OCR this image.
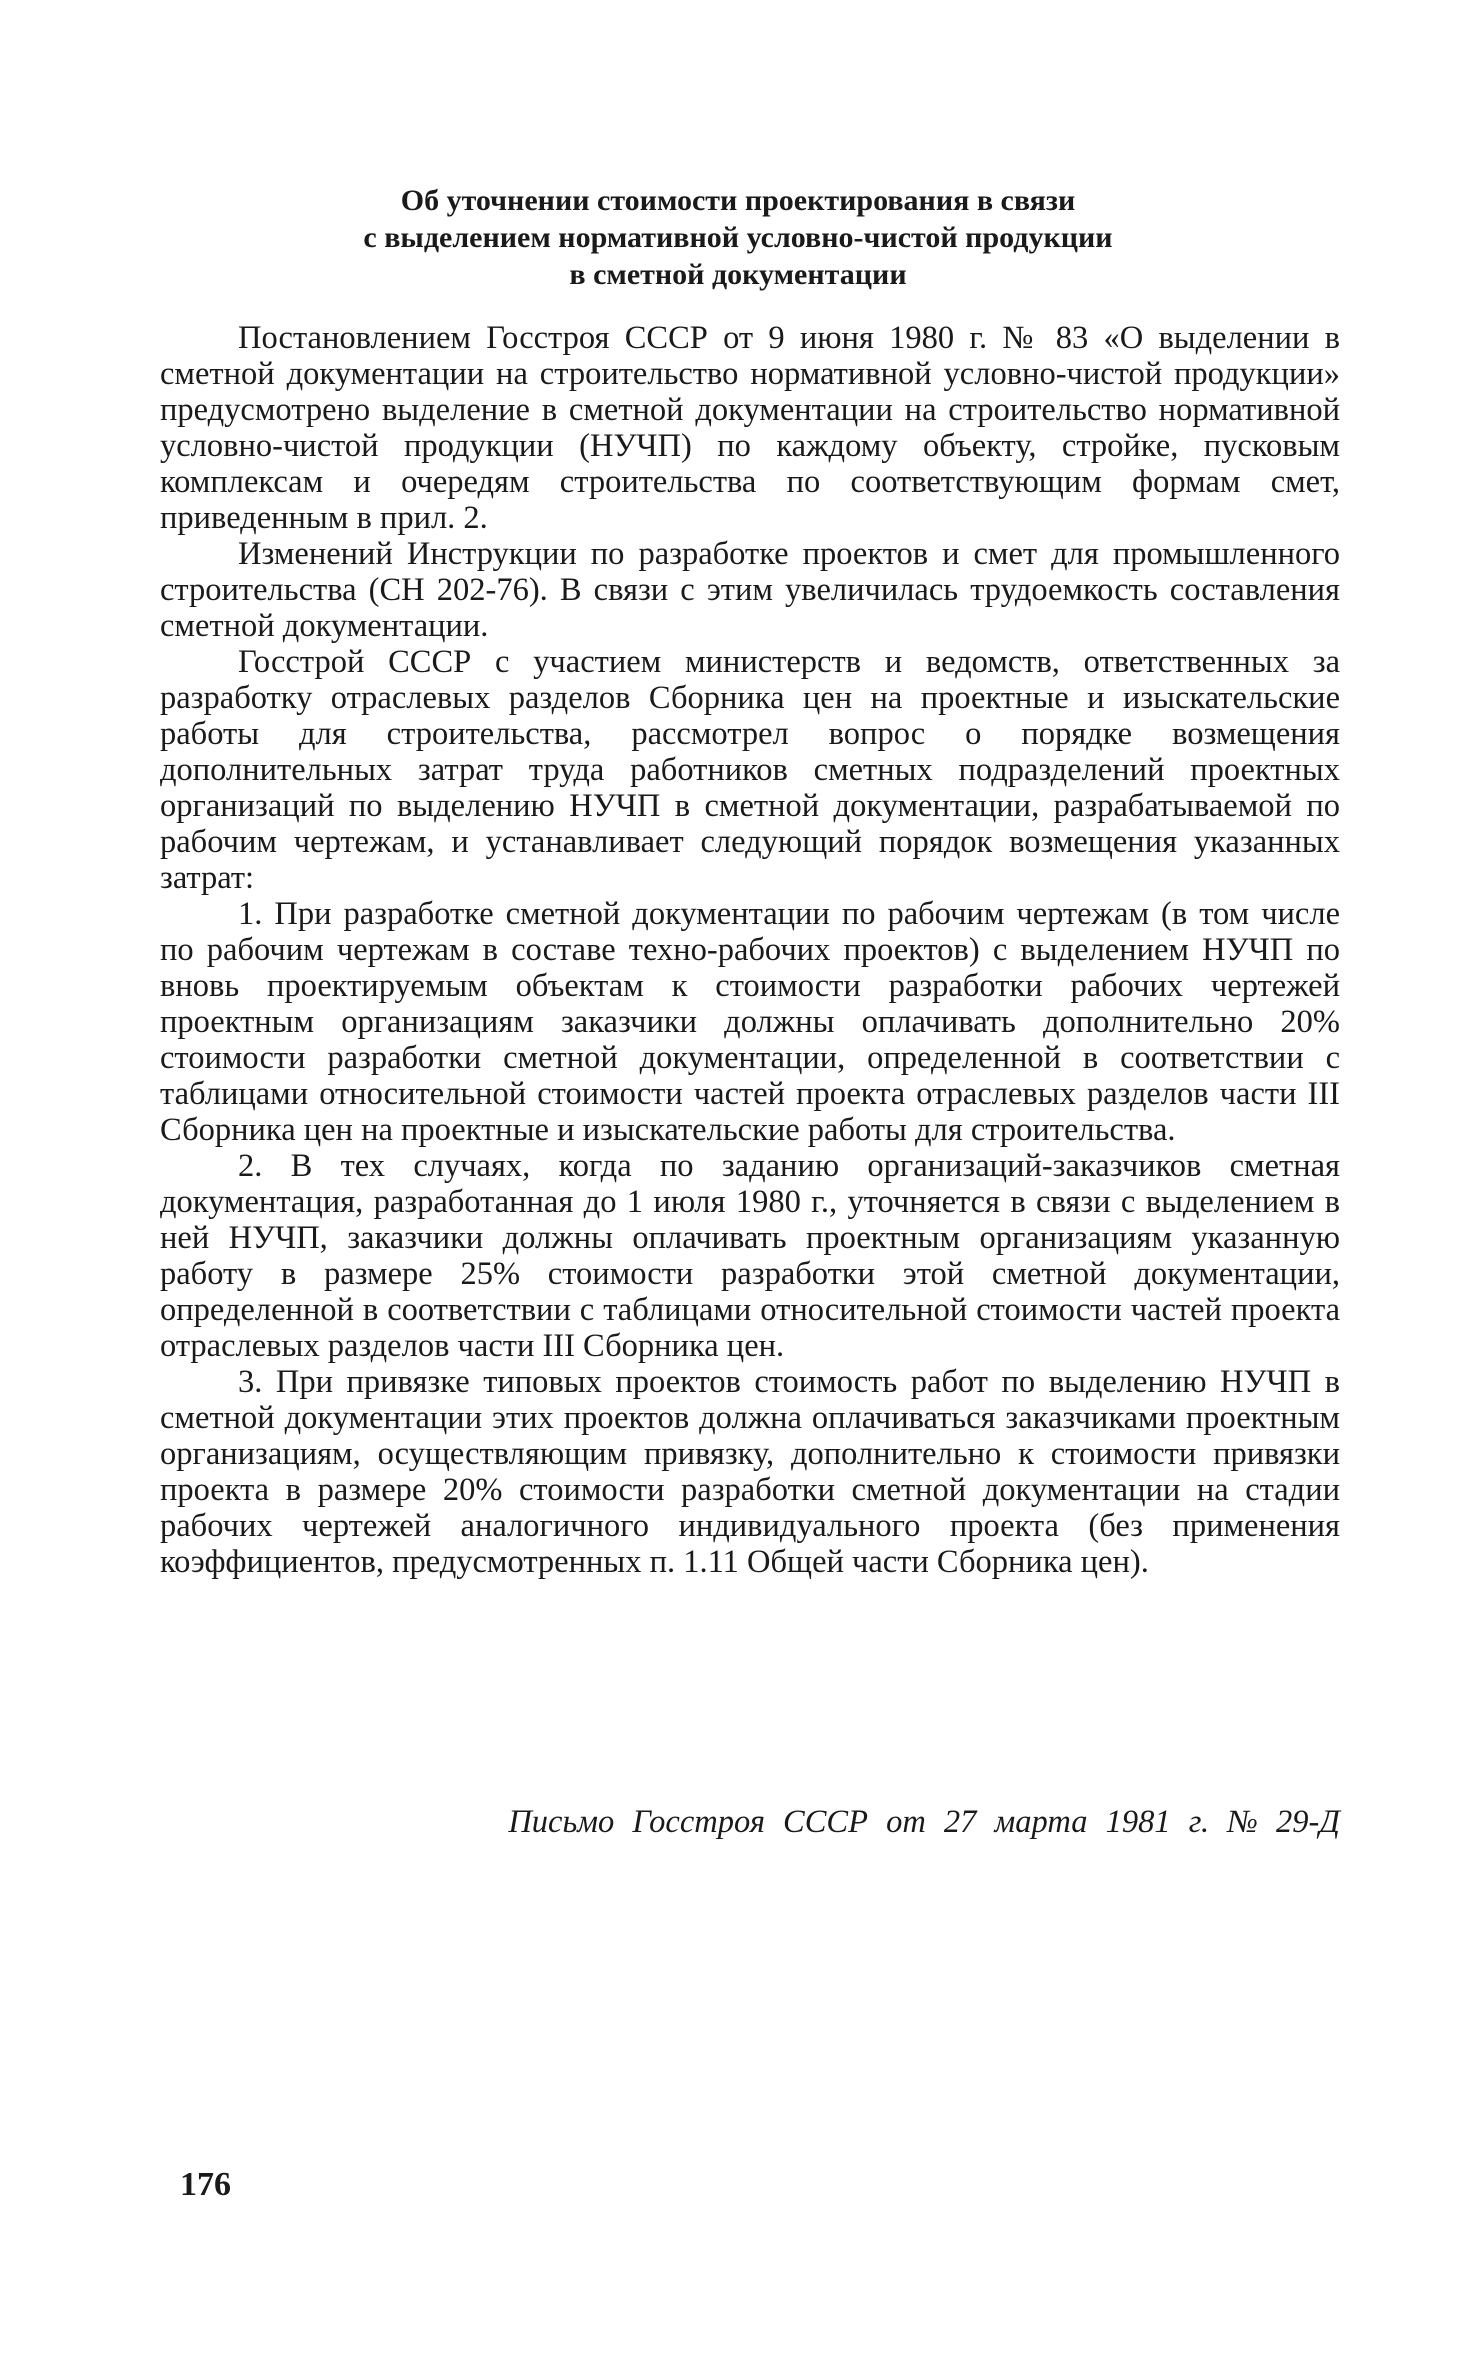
Об уточнении стоимости проектирования в связи
с выделением нормативной условно-чистой продукции
в сметной документации

Постановлением Госстроя СССР от 9 июня 1980 г. № 83 «О выделении в сметной документации на строительство нормативной условно-чистой продукции» предусмотрено выделение в сметной документации на строительство нормативной условно-чистой продукции (НУЧП) по каждому объекту, стройке, пусковым комплексам и очередям строительства по соответствующим формам смет, приведенным в прил. 2.

Изменений Инструкции по разработке проектов и смет для промышленного строительства (СН 202-76). В связи с этим увеличилась трудоемкость составления сметной документации.

Госстрой СССР с участием министерств и ведомств, ответственных за разработку отраслевых разделов Сборника цен на проектные и изыскательские работы для строительства, рассмотрел вопрос о порядке возмещения дополнительных затрат труда работников сметных подразделений проектных организаций по выделению НУЧП в сметной документации, разрабатываемой по рабочим чертежам, и устанавливает следующий порядок возмещения указанных затрат:

1. При разработке сметной документации по рабочим чертежам (в том числе по рабочим чертежам в составе техно-рабочих проектов) с выделением НУЧП по вновь проектируемым объектам к стоимости разработки рабочих чертежей проектным организациям заказчики должны оплачивать дополнительно 20% стоимости разработки сметной документации, определенной в соответствии с таблицами относительной стоимости частей проекта отраслевых разделов части III Сборника цен на проектные и изыскательские работы для строительства.

2. В тех случаях, когда по заданию организаций-заказчиков сметная документация, разработанная до 1 июля 1980 г., уточняется в связи с выделением в ней НУЧП, заказчики должны оплачивать проектным организациям указанную работу в размере 25% стоимости разработки этой сметной документации, определенной в соответствии с таблицами относительной стоимости частей проекта отраслевых разделов части III Сборника цен.

3. При привязке типовых проектов стоимость работ по выделению НУЧП в сметной документации этих проектов должна оплачиваться заказчиками проектным организациям, осуществляющим привязку, дополнительно к стоимости привязки проекта в размере 20% стоимости разработки сметной документации на стадии рабочих чертежей аналогичного индивидуального проекта (без применения коэффициентов, предусмотренных п. 1.11 Общей части Сборника цен).

Письмо Госстроя СССР от 27 марта 1981 г. № 29-Д
176
